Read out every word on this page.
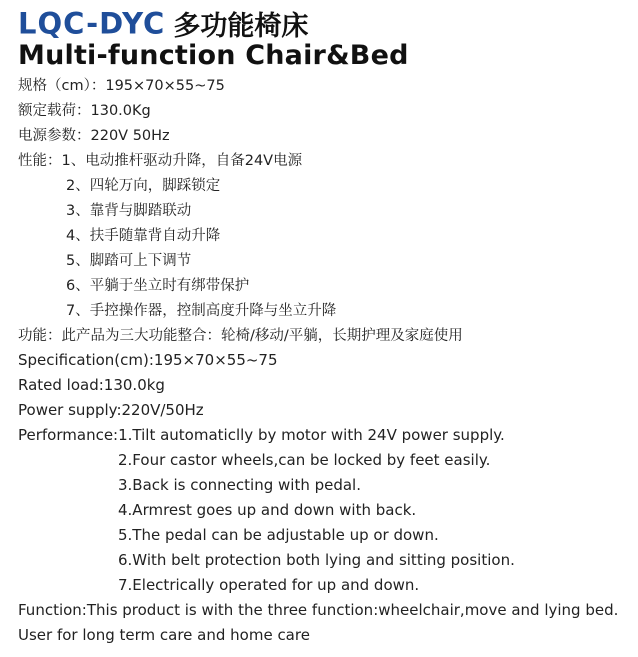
LQC-DYC 多功能椅床
Multi-function Chair&Bed
规格（cm）：195×70×55~75
额定载荷：130.0Kg
电源参数：220V 50Hz
性能：1、电动推杆驱动升降，自备24V电源
2、四轮万向，脚踩锁定
3、靠背与脚踏联动
4、扶手随靠背自动升降
5、脚踏可上下调节
6、平躺于坐立时有绑带保护
7、手控操作器，控制高度升降与坐立升降
功能：此产品为三大功能整合：轮椅/移动/平躺，长期护理及家庭使用
Specification(cm):195×70×55~75
Rated load:130.0kg
Power supply:220V/50Hz
Performance:1.Tilt automaticlly by motor with 24V power supply.
2.Four castor wheels,can be locked by feet easily.
3.Back is connecting with pedal.
4.Armrest goes up and down with back.
5.The pedal can be adjustable up or down.
6.With belt protection both lying and sitting position.
7.Electrically operated for up and down.
Function:This product is with the three function:wheelchair,move and lying bed.
User for long term care and home care
